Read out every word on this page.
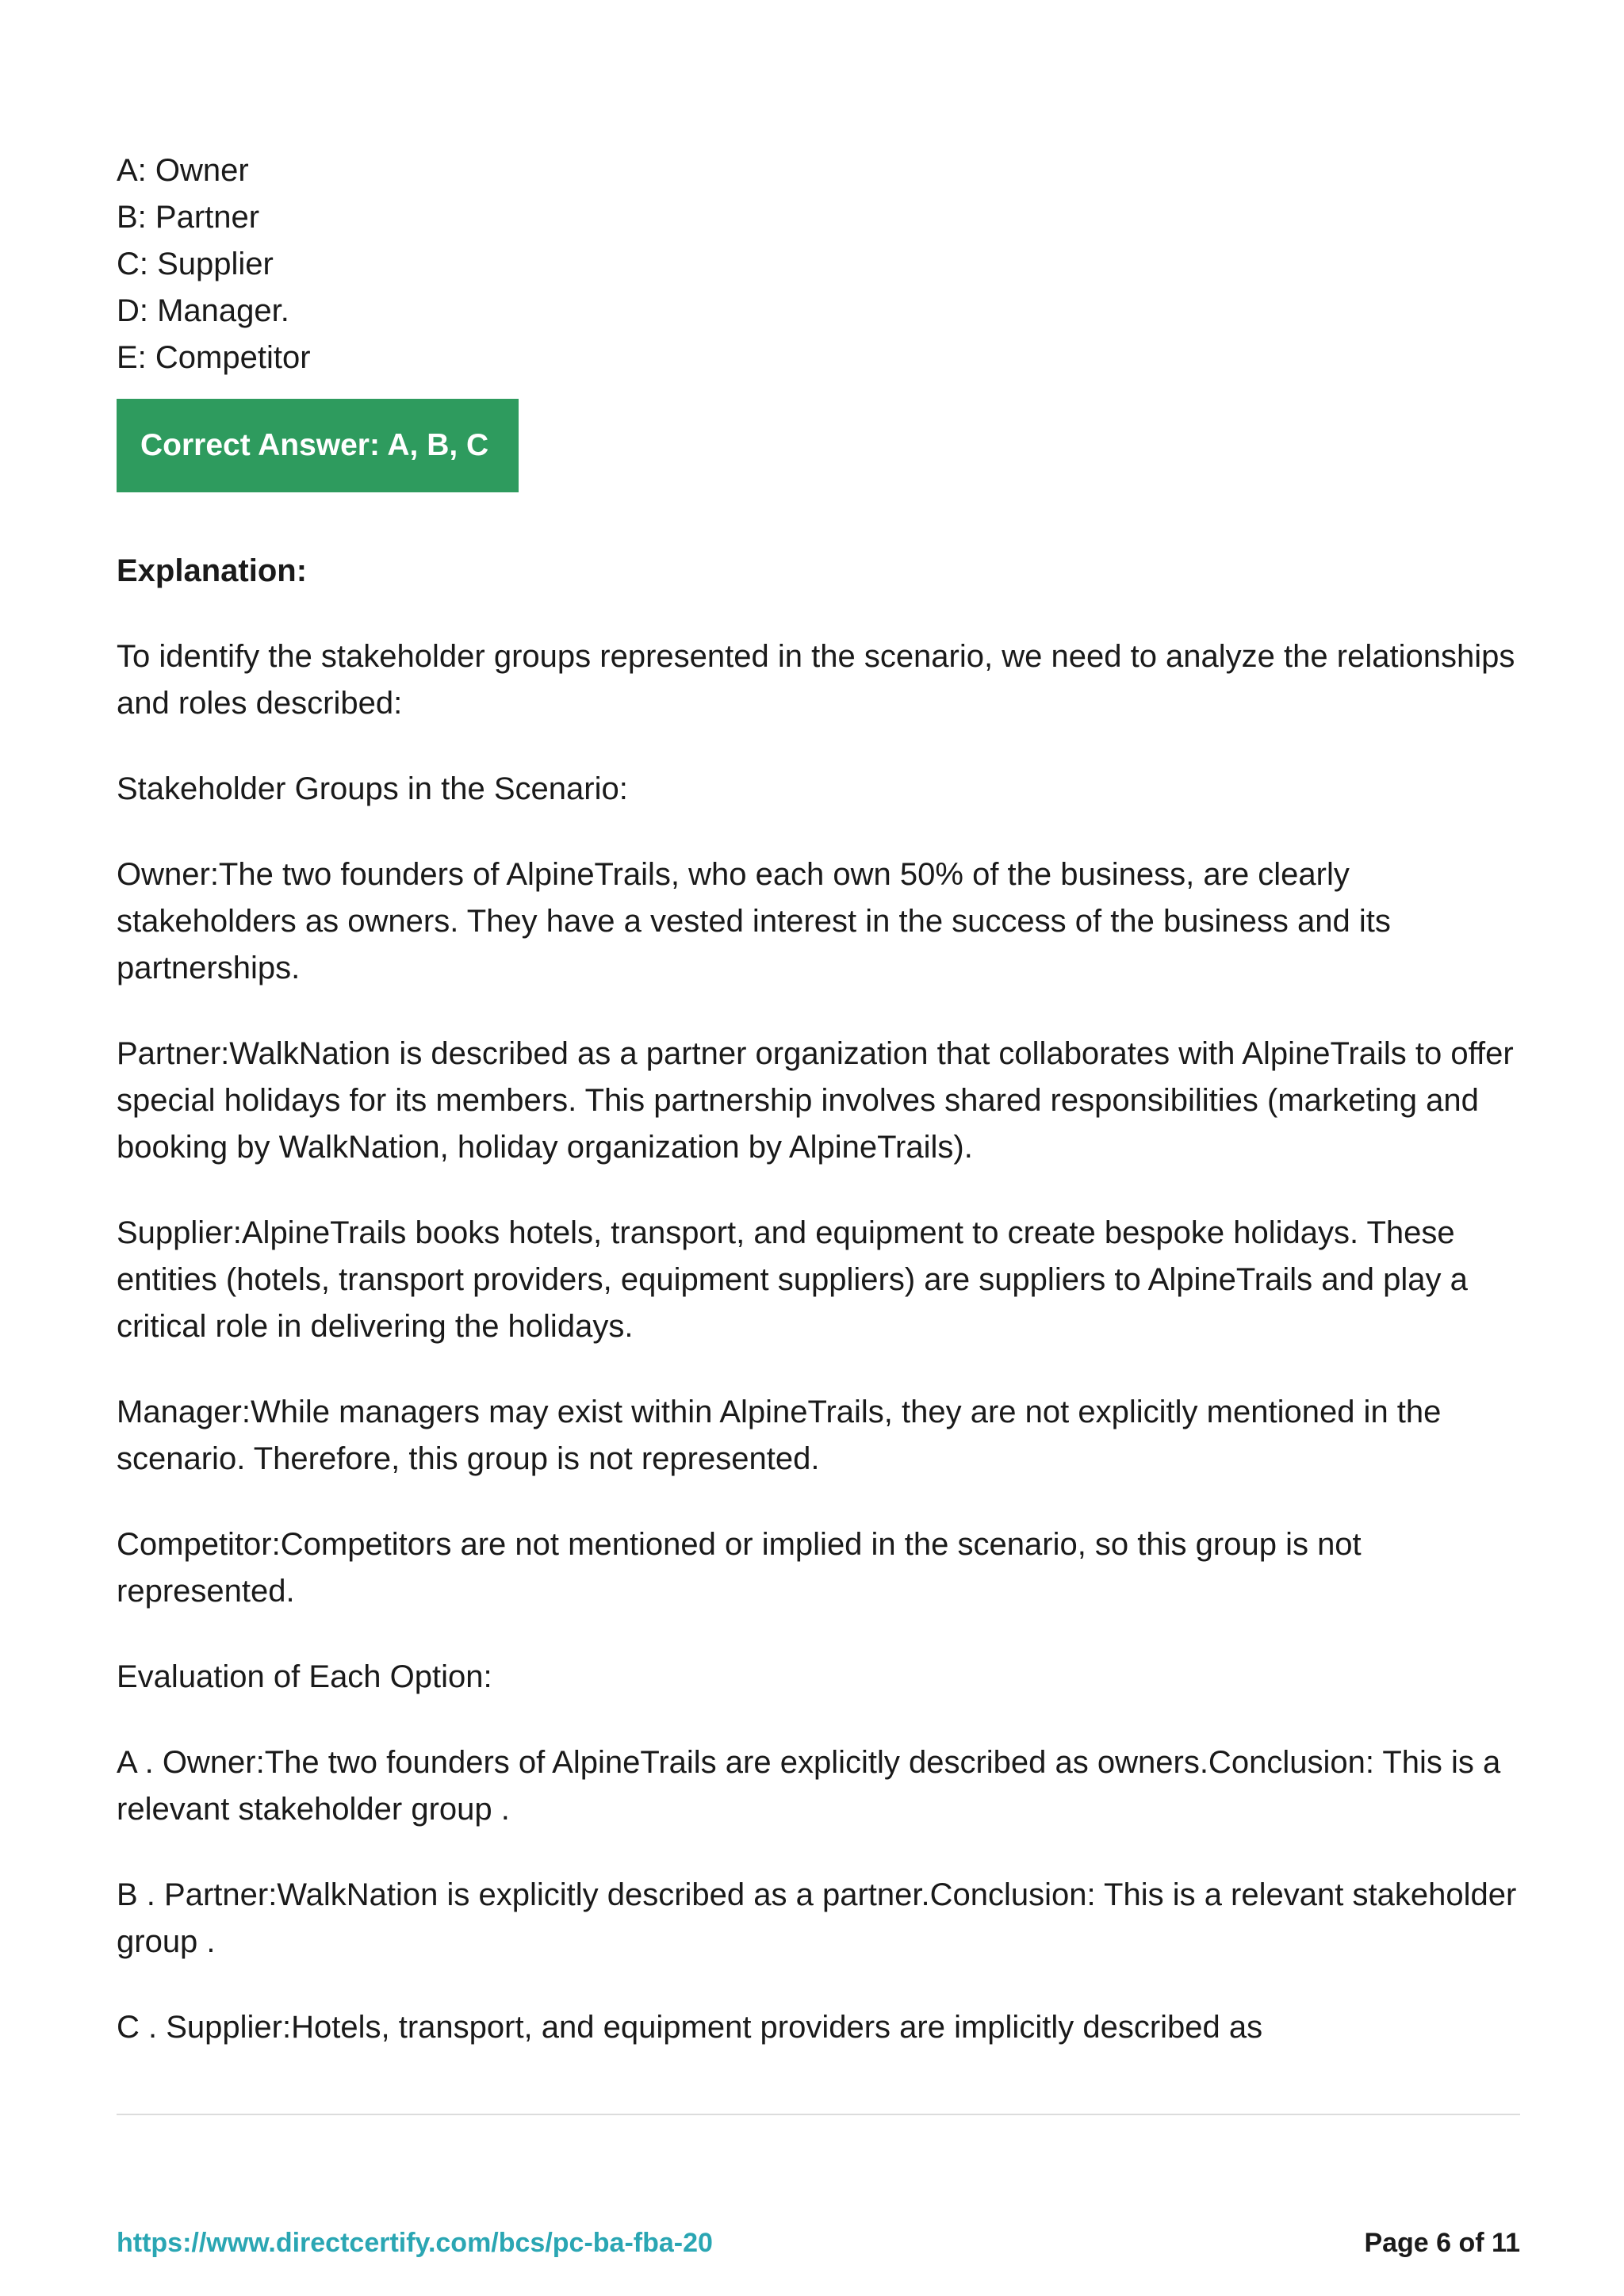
A: Owner
B: Partner
C: Supplier
D: Manager.
E: Competitor
Correct Answer: A, B, C
Explanation:
To identify the stakeholder groups represented in the scenario, we need to analyze the relationships and roles described:
Stakeholder Groups in the Scenario:
Owner:The two founders of AlpineTrails, who each own 50% of the business, are clearly stakeholders as owners. They have a vested interest in the success of the business and its partnerships.
Partner:WalkNation is described as a partner organization that collaborates with AlpineTrails to offer special holidays for its members. This partnership involves shared responsibilities (marketing and booking by WalkNation, holiday organization by AlpineTrails).
Supplier:AlpineTrails books hotels, transport, and equipment to create bespoke holidays. These entities (hotels, transport providers, equipment suppliers) are suppliers to AlpineTrails and play a critical role in delivering the holidays.
Manager:While managers may exist within AlpineTrails, they are not explicitly mentioned in the scenario. Therefore, this group is not represented.
Competitor:Competitors are not mentioned or implied in the scenario, so this group is not represented.
Evaluation of Each Option:
A . Owner:The two founders of AlpineTrails are explicitly described as owners.Conclusion: This is a relevant stakeholder group .
B . Partner:WalkNation is explicitly described as a partner.Conclusion: This is a relevant stakeholder group .
C . Supplier:Hotels, transport, and equipment providers are implicitly described as
https://www.directcertify.com/bcs/pc-ba-fba-20	Page 6 of 11
